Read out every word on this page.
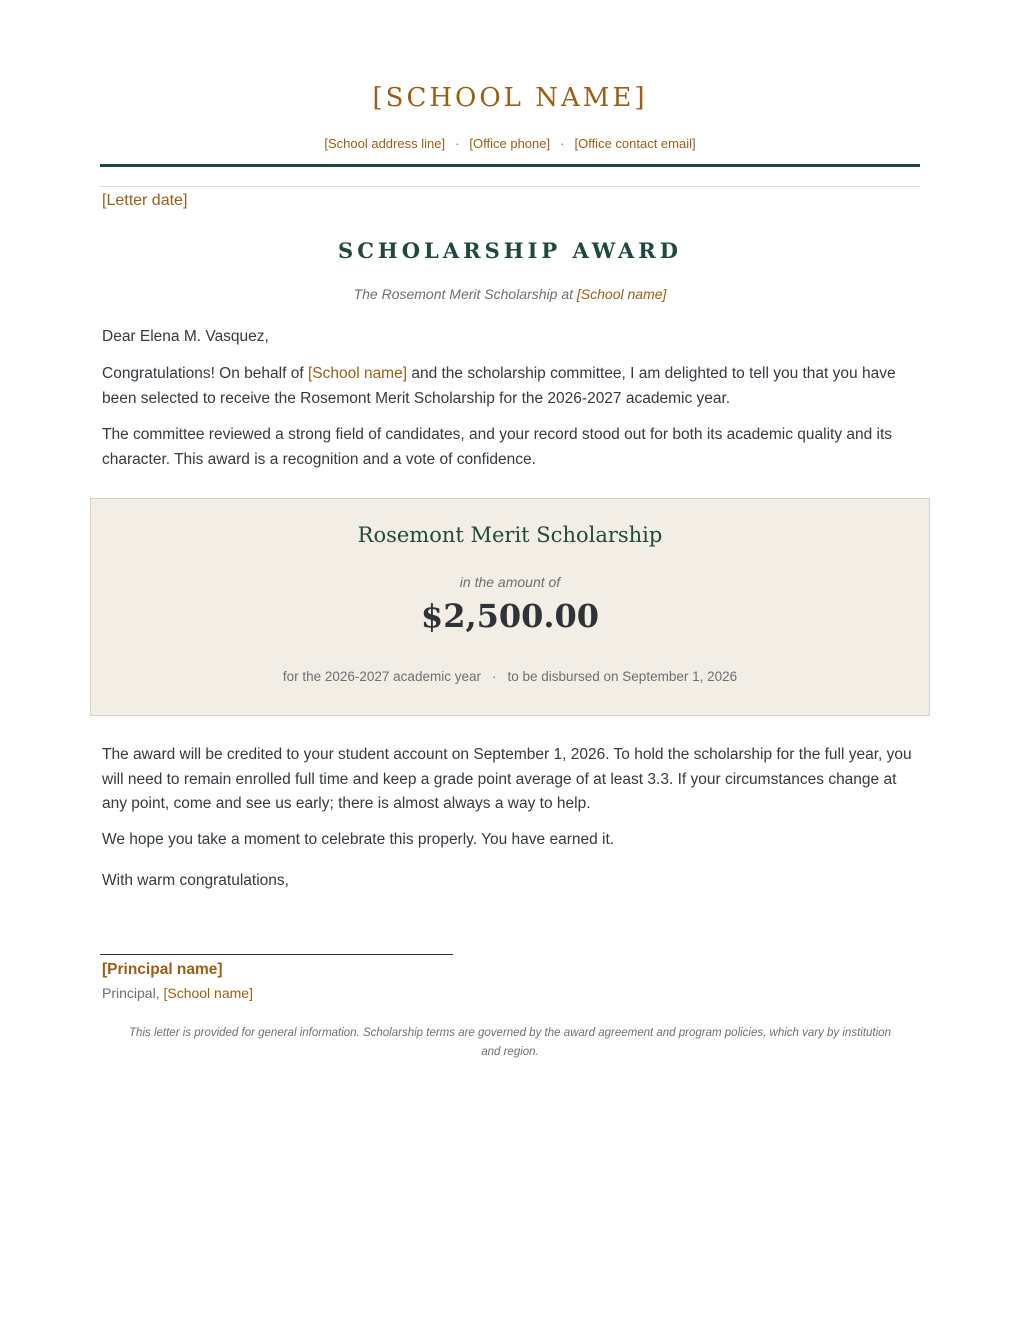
[SCHOOL NAME]
[School address line] · [Office phone] · [Office contact email]
[Letter date]
SCHOLARSHIP AWARD
The Rosemont Merit Scholarship at [School name]
Dear Elena M. Vasquez,
Congratulations! On behalf of [School name] and the scholarship committee, I am delighted to tell you that you have been selected to receive the Rosemont Merit Scholarship for the 2026-2027 academic year.
The committee reviewed a strong field of candidates, and your record stood out for both its academic quality and its character. This award is a recognition and a vote of confidence.
Rosemont Merit Scholarship
in the amount of
$2,500.00
for the 2026-2027 academic year · to be disbursed on September 1, 2026
The award will be credited to your student account on September 1, 2026. To hold the scholarship for the full year, you will need to remain enrolled full time and keep a grade point average of at least 3.3. If your circumstances change at any point, come and see us early; there is almost always a way to help.
We hope you take a moment to celebrate this properly. You have earned it.
With warm congratulations,
[Principal name]
Principal, [School name]
This letter is provided for general information. Scholarship terms are governed by the award agreement and program policies, which vary by institution and region.
